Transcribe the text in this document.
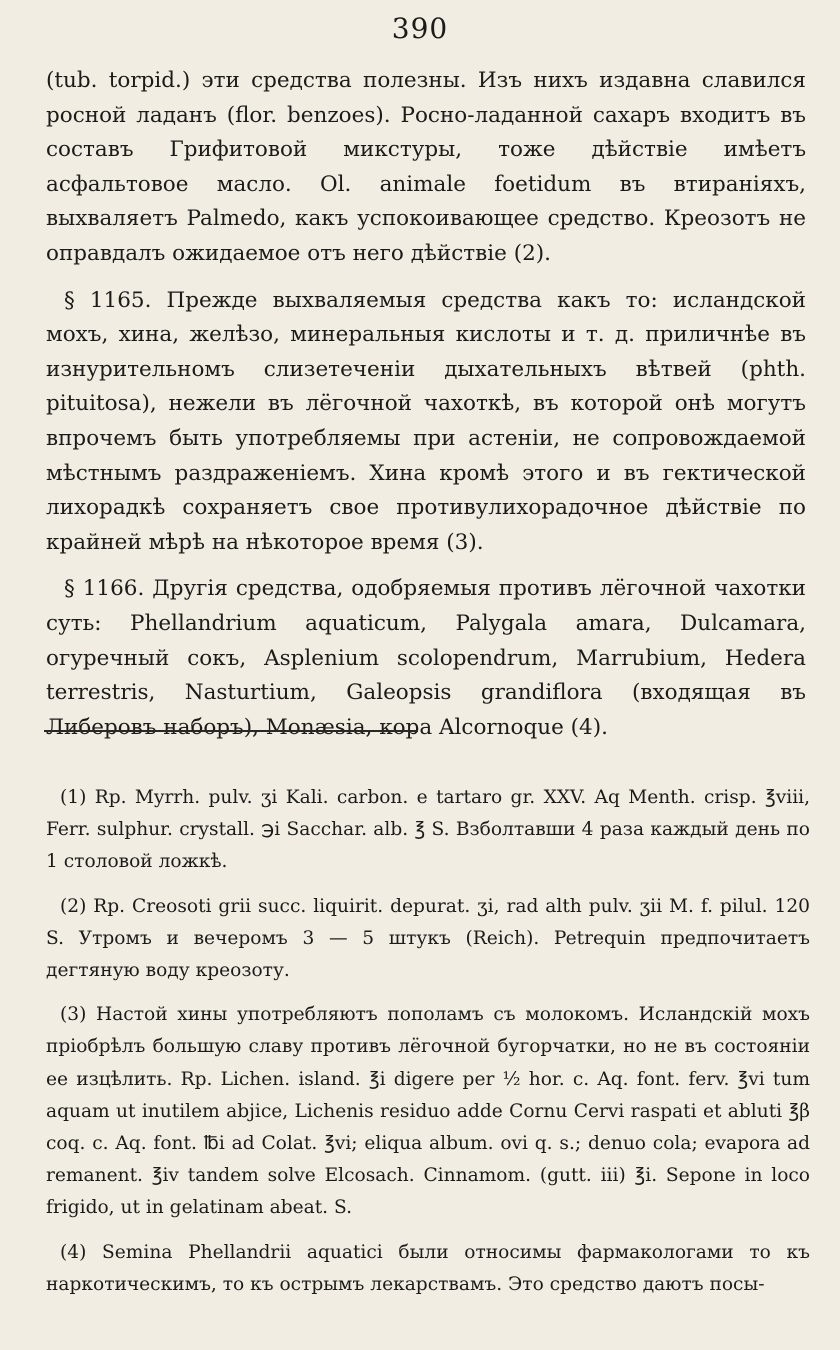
390

(tub. torpid.) эти средства полезны. Изъ нихъ издавна славился росной ладанъ (flor. benzoes). Росно-ладанной сахаръ входитъ въ составъ Грифитовой микстуры, тоже дѣйствіе имѣетъ асфальтовое масло. Ol. animale foetidum въ втираніяхъ, выхваляетъ Palmedo, какъ успокоивающее средство. Креозотъ не оправдалъ ожидаемое отъ него дѣйствіе (2).

§ 1165. Прежде выхваляемыя средства какъ то: исландской мохъ, хина, желѣзо, минеральныя кислоты и т. д. приличнѣе въ изнурительномъ слизетеченіи дыхательныхъ вѣтвей (phth. pituitosa), нежели въ лёгочной чахоткѣ, въ которой онѣ могутъ впрочемъ быть употребляемы при астеніи, не сопровождаемой мѣстнымъ раздраженіемъ. Хина кромѣ этого и въ гектической лихорадкѣ сохраняетъ свое противулихорадочное дѣйствіе по крайней мѣрѣ на нѣкоторое время (3).

§ 1166. Другія средства, одобряемыя противъ лёгочной чахотки суть: Phellandrium aquaticum, Palygala amara, Dulcamara, огуречный сокъ, Asplenium scolopendrum, Marrubium, Hedera terrestris, Nasturtium, Galeopsis grandiflora (входящая въ Либеровъ наборъ), Monæsia, кора Alcornoque (4).

(1) Rp. Myrrh. pulv. ʒi Kali. carbon. e tartaro gr. XXV. Aq Menth. crisp. ℥viii, Ferr. sulphur. crystall. ℈i Sacchar. alb. ℥ S. Взболтавши 4 раза каждый день по 1 столовой ложкѣ.

(2) Rp. Creosoti grii succ. liquirit. depurat. ʒi, rad alth pulv. ʒii M. f. pilul. 120 S. Утромъ и вечеромъ 3 — 5 штукъ (Reich). Petrequin предпочитаетъ дегтяную воду креозоту.

(3) Настой хины употребляютъ пополамъ съ молокомъ. Исландскій мохъ пріобрѣлъ большую славу противъ лёгочной бугорчатки, но не въ состояніи ее изцѣлить. Rp. Lichen. island. ℥i digere per ½ hor. c. Aq. font. ferv. ℥vi tum aquam ut inutilem abjice, Lichenis residuo adde Cornu Cervi raspati et abluti ℥β coq. c. Aq. font. ℔i ad Colat. ℥vi; eliqua album. ovi q. s.; denuo cola; evapora ad remanent. ℥iv tandem solve Elcosach. Cinnamom. (gutt. iii) ℥i. Sepone in loco frigido, ut in gelatinam abeat. S.

(4) Semina Phellandrii aquatici были относимы фармакологами то къ наркотическимъ, то къ острымъ лекарствамъ. Это средство даютъ посы-
